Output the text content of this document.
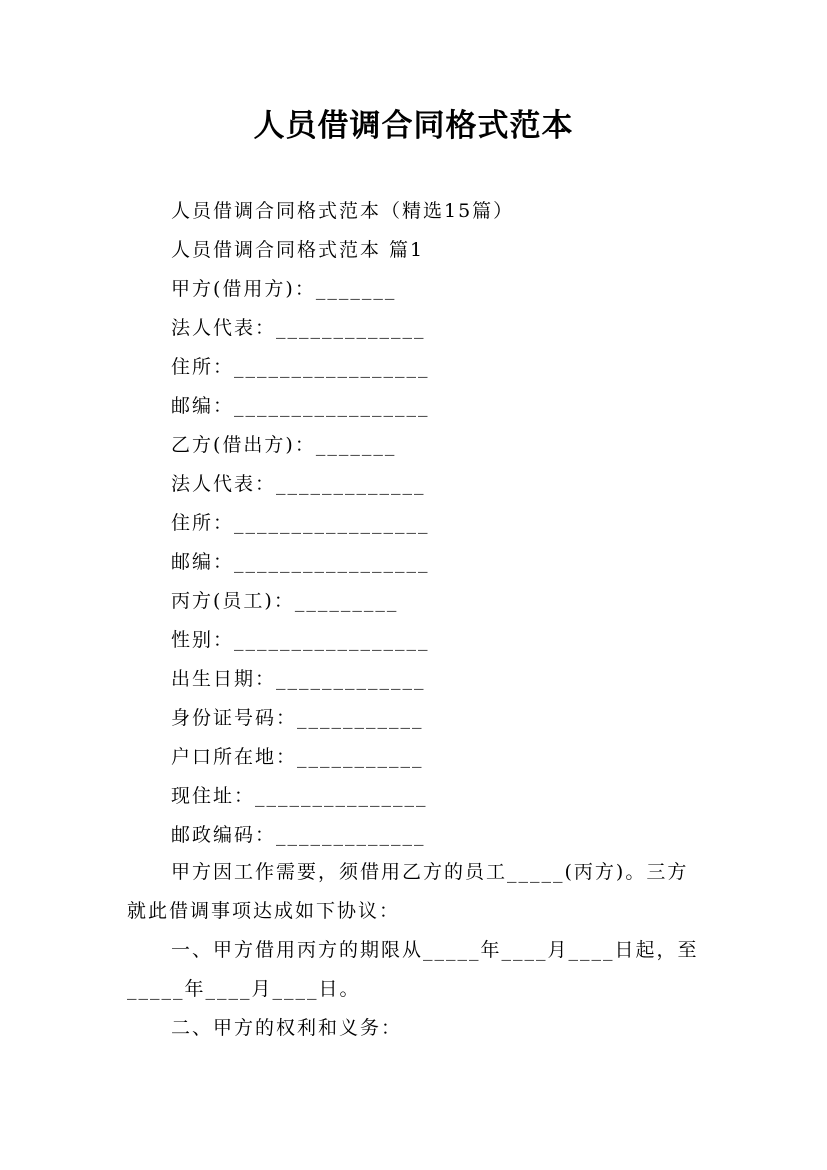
人员借调合同格式范本
人员借调合同格式范本（精选15篇）
人员借调合同格式范本 篇1
甲方(借用方)：_______
法人代表：_____________
住所：_________________
邮编：_________________
乙方(借出方)：_______
法人代表：_____________
住所：_________________
邮编：_________________
丙方(员工)：_________
性别：_________________
出生日期：_____________
身份证号码：___________
户口所在地：___________
现住址：_______________
邮政编码：_____________

甲方因工作需要，须借用乙方的员工_____(丙方)。三方就此借调事项达成如下协议：

一、甲方借用丙方的期限从_____年____月____日起，至_____年____月____日。

二、甲方的权利和义务：
